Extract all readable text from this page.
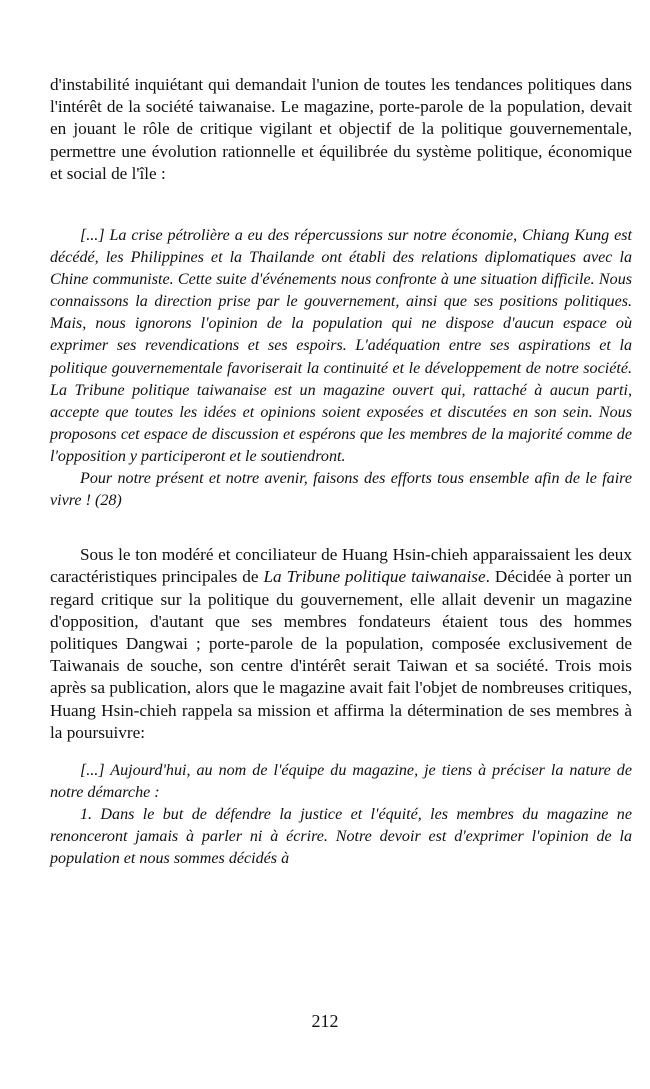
d'instabilité inquiétant qui demandait l'union de toutes les tendances politiques dans l'intérêt de la société taiwanaise. Le magazine, porte-parole de la population, devait en jouant le rôle de critique vigilant et objectif de la politique gouvernementale, permettre une évolution rationnelle et équilibrée du système politique, économique et social de l'île :

[...] La crise pétrolière a eu des répercussions sur notre économie, Chiang Kung est décédé, les Philippines et la Thailande ont établi des relations diplomatiques avec la Chine communiste. Cette suite d'événements nous confronte à une situation difficile. Nous connaissons la direction prise par le gouvernement, ainsi que ses positions politiques. Mais, nous ignorons l'opinion de la population qui ne dispose d'aucun espace où exprimer ses revendications et ses espoirs. L'adéquation entre ses aspirations et la politique gouvernementale favoriserait la continuité et le développement de notre société. La Tribune politique taiwanaise est un magazine ouvert qui, rattaché à aucun parti, accepte que toutes les idées et opinions soient exposées et discutées en son sein. Nous proposons cet espace de discussion et espérons que les membres de la majorité comme de l'opposition y participeront et le soutiendront.
Pour notre présent et notre avenir, faisons des efforts tous ensemble afin de le faire vivre ! (28)

Sous le ton modéré et conciliateur de Huang Hsin-chieh apparaissaient les deux caractéristiques principales de La Tribune politique taiwanaise. Décidée à porter un regard critique sur la politique du gouvernement, elle allait devenir un magazine d'opposition, d'autant que ses membres fondateurs étaient tous des hommes politiques Dangwai ; porte-parole de la population, composée exclusivement de Taiwanais de souche, son centre d'intérêt serait Taiwan et sa société. Trois mois après sa publication, alors que le magazine avait fait l'objet de nombreuses critiques, Huang Hsin-chieh rappela sa mission et affirma la détermination de ses membres à la poursuivre:

[...] Aujourd'hui, au nom de l'équipe du magazine, je tiens à préciser la nature de notre démarche :
1. Dans le but de défendre la justice et l'équité, les membres du magazine ne renonceront jamais à parler ni à écrire. Notre devoir est d'exprimer l'opinion de la population et nous sommes décidés à
212
